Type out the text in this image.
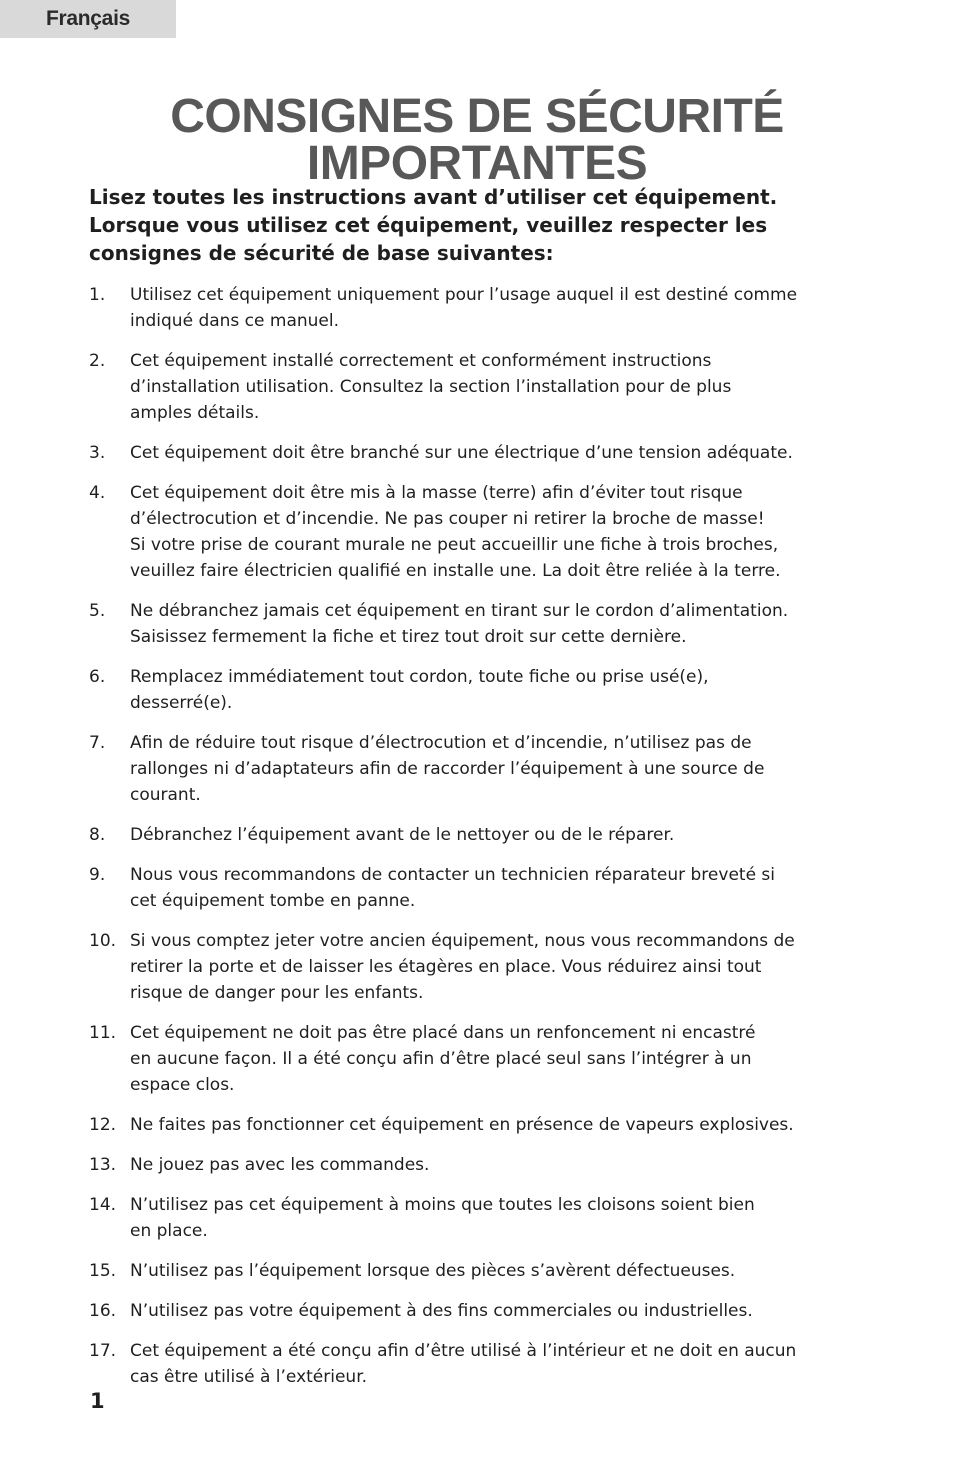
Français
CONSIGNES DE SÉCURITÉ
IMPORTANTES

Lisez toutes les instructions avant d’utiliser cet équipement.
Lorsque vous utilisez cet équipement, veuillez respecter les
consignes de sécurité de base suivantes:

1. Utilisez cet équipement uniquement pour l’usage auquel il est destiné comme
indiqué dans ce manuel.
2. Cet équipement installé correctement et conformément instructions
d’installation utilisation. Consultez la section l’installation pour de plus
amples détails.
3. Cet équipement doit être branché sur une électrique d’une tension adéquate.
4. Cet équipement doit être mis à la masse (terre) afin d’éviter tout risque
d’électrocution et d’incendie. Ne pas couper ni retirer la broche de masse!
Si votre prise de courant murale ne peut accueillir une fiche à trois broches,
veuillez faire électricien qualifié en installe une. La doit être reliée à la terre.
5. Ne débranchez jamais cet équipement en tirant sur le cordon d’alimentation.
Saisissez fermement la fiche et tirez tout droit sur cette dernière.
6. Remplacez immédiatement tout cordon, toute fiche ou prise usé(e),
desserré(e).
7. Afin de réduire tout risque d’électrocution et d’incendie, n’utilisez pas de
rallonges ni d’adaptateurs afin de raccorder l’équipement à une source de
courant.
8. Débranchez l’équipement avant de le nettoyer ou de le réparer.
9. Nous vous recommandons de contacter un technicien réparateur breveté si
cet équipement tombe en panne.
10. Si vous comptez jeter votre ancien équipement, nous vous recommandons de
retirer la porte et de laisser les étagères en place. Vous réduirez ainsi tout
risque de danger pour les enfants.
11. Cet équipement ne doit pas être placé dans un renfoncement ni encastré
en aucune façon. Il a été conçu afin d’être placé seul sans l’intégrer à un
espace clos.
12. Ne faites pas fonctionner cet équipement en présence de vapeurs explosives.
13. Ne jouez pas avec les commandes.
14. N’utilisez pas cet équipement à moins que toutes les cloisons soient bien
en place.
15. N’utilisez pas l’équipement lorsque des pièces s’avèrent défectueuses.
16. N’utilisez pas votre équipement à des fins commerciales ou industrielles.
17. Cet équipement a été conçu afin d’être utilisé à l’intérieur et ne doit en aucun
cas être utilisé à l’extérieur.
1
